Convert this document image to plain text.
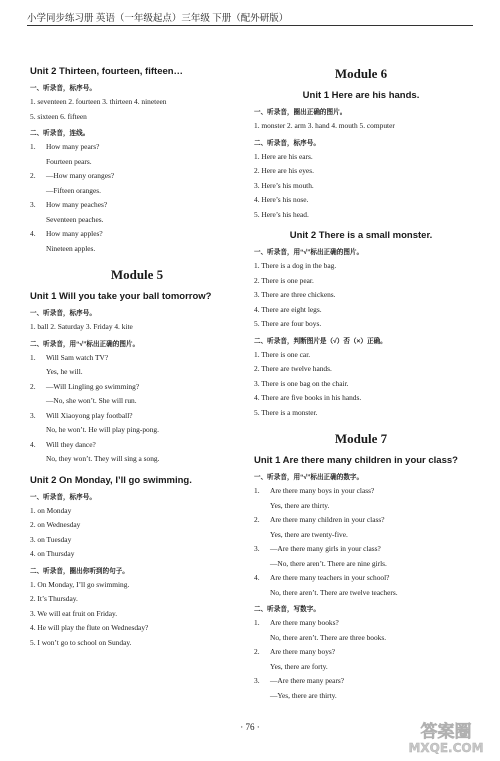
小学同步练习册 英语（一年级起点）三年级 下册（配外研版）
Unit 2 Thirteen, fourteen, fifteen…
一、听录音，标序号。
1. seventeen 2. fourteen 3. thirteen 4. nineteen
5. sixteen 6. fifteen
二、听录音，连线。
1. How many pears?
Fourteen pears.
2. —How many oranges?
—Fifteen oranges.
3. How many peaches?
Seventeen peaches.
4. How many apples?
Nineteen apples.
Module 5
Unit 1 Will you take your ball tomorrow?
一、听录音，标序号。
1. ball 2. Saturday 3. Friday 4. kite
二、听录音，用“√”标出正确的图片。
1. Will Sam watch TV?
Yes, he will.
2. —Will Lingling go swimming?
—No, she won’t. She will run.
3. Will Xiaoyong play football?
No, he won’t. He will play ping-pong.
4. Will they dance?
No, they won’t. They will sing a song.
Unit 2 On Monday, I’ll go swimming.
一、听录音，标序号。
1. on Monday
2. on Wednesday
3. on Tuesday
4. on Thursday
二、听录音，圈出你听到的句子。
1. On Monday, I’ll go swimming.
2. It’s Thursday.
3. We will eat fruit on Friday.
4. He will play the flute on Wednesday?
5. I won’t go to school on Sunday.
Module 6
Unit 1 Here are his hands.
一、听录音，圈出正确的图片。
1. monster 2. arm 3. hand 4. mouth 5. computer
二、听录音，标序号。
1. Here are his ears.
2. Here are his eyes.
3. Here’s his mouth.
4. Here’s his nose.
5. Here’s his head.
Unit 2 There is a small monster.
一、听录音，用“√”标出正确的图片。
1. There is a dog in the bag.
2. There is one pear.
3. There are three chickens.
4. There are eight legs.
5. There are four boys.
二、听录音，判断图片是（√）否（×）正确。
1. There is one car.
2. There are twelve hands.
3. There is one bag on the chair.
4. There are five books in his hands.
5. There is a monster.
Module 7
Unit 1 Are there many children in your class?
一、听录音，用“√”标出正确的数字。
1. Are there many boys in your class?
Yes, there are thirty.
2. Are there many children in your class?
Yes, there are twenty-five.
3. —Are there many girls in your class?
—No, there aren’t. There are nine girls.
4. Are there many teachers in your school?
No, there aren’t. There are twelve teachers.
二、听录音，写数字。
1. Are there many books?
No, there aren’t. There are three books.
2. Are there many boys?
Yes, there are forty.
3. —Are there many pears?
—Yes, there are thirty.
· 76 ·	答案圈
MXQE.COM
